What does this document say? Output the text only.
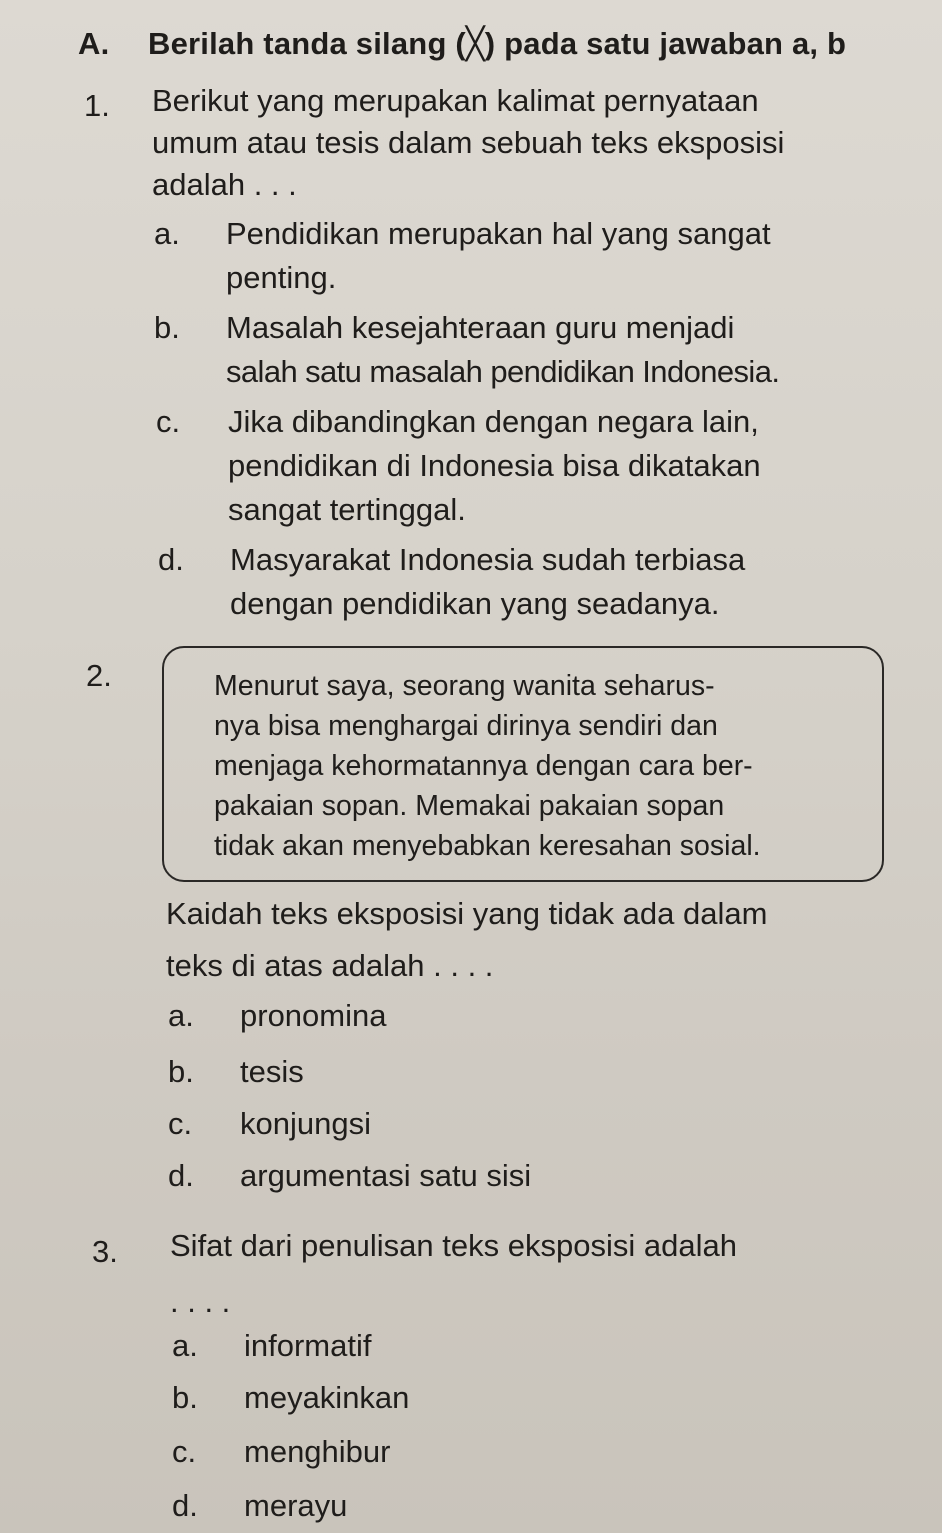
A. Berilah tanda silang (╳) pada satu jawaban a, b
1. Berikut yang merupakan kalimat pernyataan
umum atau tesis dalam sebuah teks eksposisi
adalah . . .
a. Pendidikan merupakan hal yang sangat
penting.
b. Masalah kesejahteraan guru menjadi
salah satu masalah pendidikan Indonesia.
c. Jika dibandingkan dengan negara lain,
pendidikan di Indonesia bisa dikatakan
sangat tertinggal.
d. Masyarakat Indonesia sudah terbiasa
dengan pendidikan yang seadanya.
2.	Menurut saya, seorang wanita seharus-
nya bisa menghargai dirinya sendiri dan
menjaga kehormatannya dengan cara ber-
pakaian sopan. Memakai pakaian sopan
tidak akan menyebabkan keresahan sosial.
Kaidah teks eksposisi yang tidak ada dalam
teks di atas adalah . . . .
a. pronomina
b. tesis
c. konjungsi
d. argumentasi satu sisi
3. Sifat dari penulisan teks eksposisi adalah
. . . .
a. informatif
b. meyakinkan
c. menghibur
d. merayu
